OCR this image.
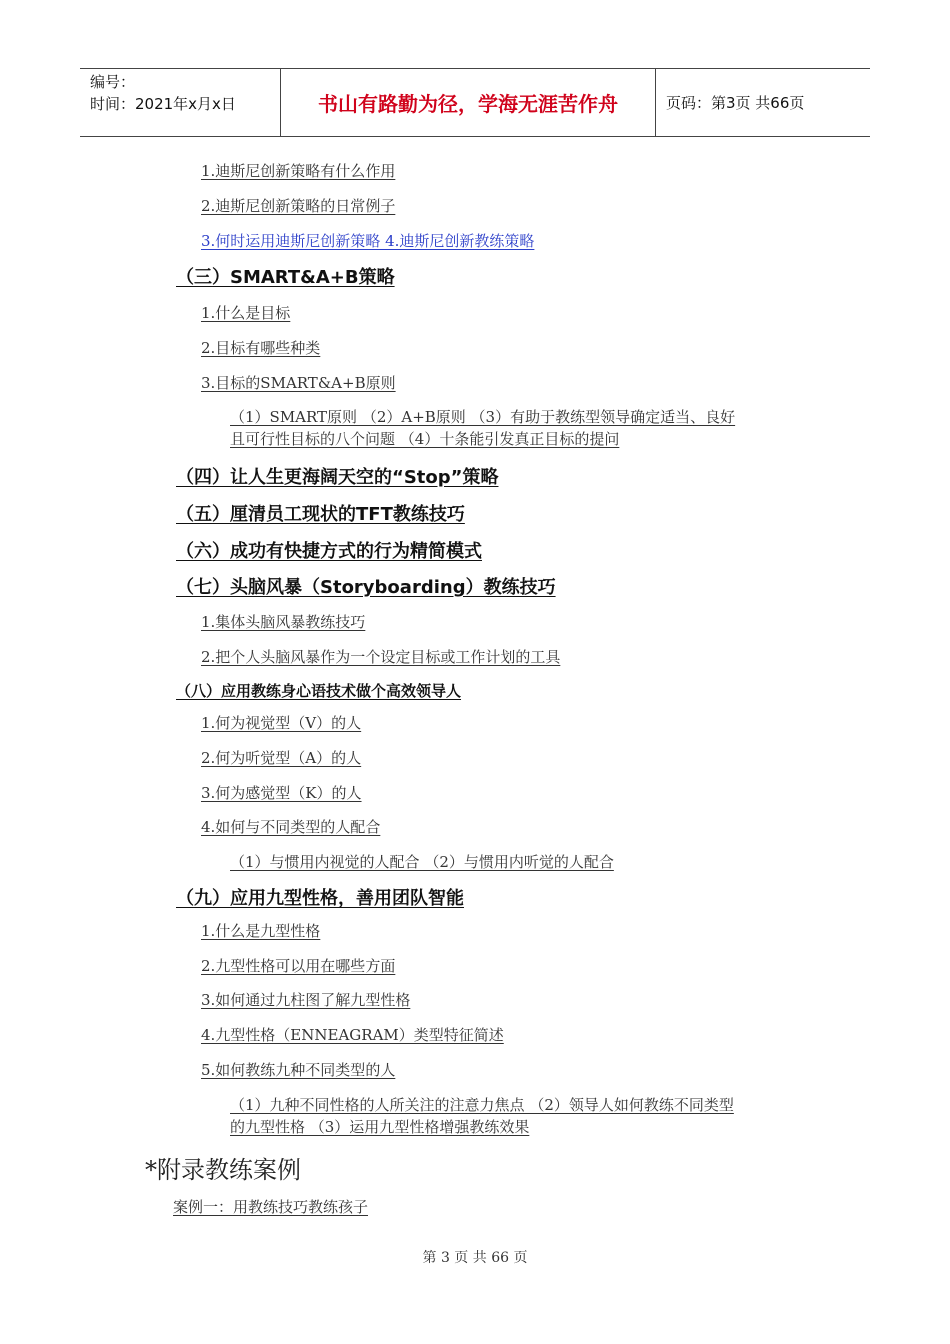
编号：
时间：2021年x月x日	书山有路勤为径，学海无涯苦作舟	页码：第3页 共66页
1.迪斯尼创新策略有什么作用
2.迪斯尼创新策略的日常例子
3.何时运用迪斯尼创新策略 4.迪斯尼创新教练策略
（三）SMART&A+B策略
1.什么是目标
2.目标有哪些种类
3.目标的SMART&A+B原则
（1）SMART原则 （2）A+B原则 （3）有助于教练型领导确定适当、良好
且可行性目标的八个问题 （4）十条能引发真正目标的提问
（四）让人生更海阔天空的“Stop”策略
（五）厘清员工现状的TFT教练技巧
（六）成功有快捷方式的行为精简模式
（七）头脑风暴（Storyboarding）教练技巧
1.集体头脑风暴教练技巧
2.把个人头脑风暴作为一个设定目标或工作计划的工具
（八）应用教练身心语技术做个高效领导人
1.何为视觉型（V）的人
2.何为听觉型（A）的人
3.何为感觉型（K）的人
4.如何与不同类型的人配合
（1）与惯用内视觉的人配合 （2）与惯用内听觉的人配合
（九）应用九型性格，善用团队智能
1.什么是九型性格
2.九型性格可以用在哪些方面
3.如何通过九柱图了解九型性格
4.九型性格（ENNEAGRAM）类型特征简述
5.如何教练九种不同类型的人
（1）九种不同性格的人所关注的注意力焦点 （2）领导人如何教练不同类型
的九型性格 （3）运用九型性格增强教练效果
*附录教练案例
案例一：用教练技巧教练孩子
第 3 页 共 66 页
